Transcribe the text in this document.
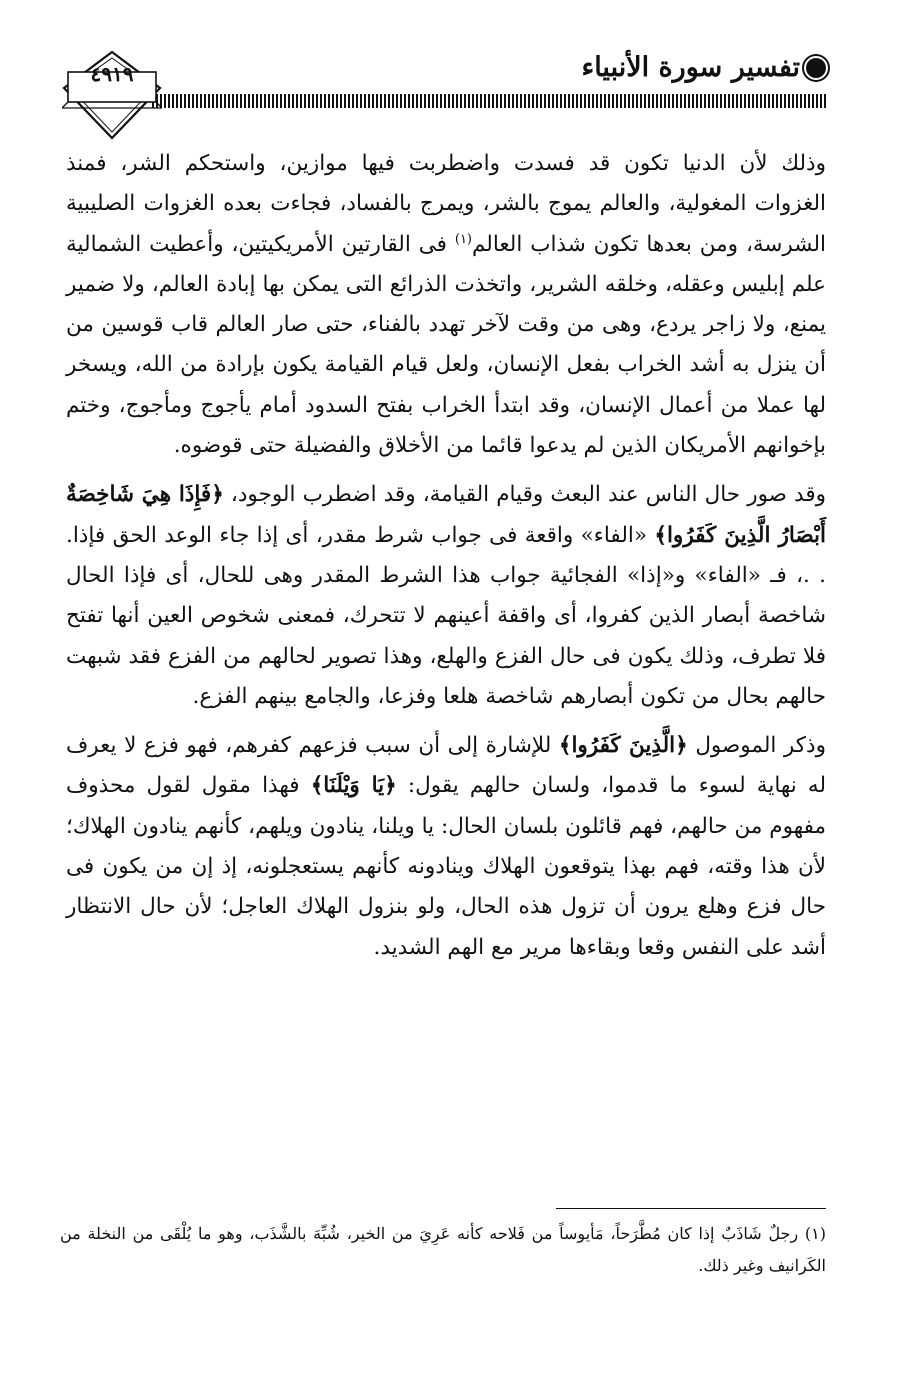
تفسير سورة الأنبياء
٤٩١٩

وذلك لأن الدنيا تكون قد فسدت واضطربت فيها موازين، واستحكم الشر، فمنذ الغزوات المغولية، والعالم يموج بالشر، ويمرج بالفساد، فجاءت بعده الغزوات الصليبية الشرسة، ومن بعدها تكون شذاب العالم$^{(١)}$ فى القارتين الأمريكيتين، وأعطيت الشمالية علم إبليس وعقله، وخلقه الشرير، واتخذت الذرائع التى يمكن بها إبادة العالم، ولا ضمير يمنع، ولا زاجر يردع، وهى من وقت لآخر تهدد بالفناء، حتى صار العالم قاب قوسين من أن ينزل به أشد الخراب بفعل الإنسان، ولعل قيام القيامة يكون بإرادة من الله، ويسخر لها عملا من أعمال الإنسان، وقد ابتدأ الخراب بفتح السدود أمام يأجوج ومأجوج، وختم بإخوانهم الأمريكان الذين لم يدعوا قائما من الأخلاق والفضيلة حتى قوضوه.

وقد صور حال الناس عند البعث وقيام القيامة، وقد اضطرب الوجود، ﴿فَإِذَا هِيَ شَاخِصَةٌ أَبْصَارُ الَّذِينَ كَفَرُوا﴾ «الفاء» واقعة فى جواب شرط مقدر، أى إذا جاء الوعد الحق فإذا. . .، فـ «الفاء» و«إذا» الفجائية جواب هذا الشرط المقدر وهى للحال، أى فإذا الحال شاخصة أبصار الذين كفروا، أى واقفة أعينهم لا تتحرك، فمعنى شخوص العين أنها تفتح فلا تطرف، وذلك يكون فى حال الفزع والهلع، وهذا تصوير لحالهم من الفزع فقد شبهت حالهم بحال من تكون أبصارهم شاخصة هلعا وفزعا، والجامع بينهم الفزع.

وذكر الموصول ﴿الَّذِينَ كَفَرُوا﴾ للإشارة إلى أن سبب فزعهم كفرهم، فهو فزع لا يعرف له نهاية لسوء ما قدموا، ولسان حالهم يقول: ﴿يَا وَيْلَنَا﴾ فهذا مقول لقول محذوف مفهوم من حالهم، فهم قائلون بلسان الحال: يا ويلنا، ينادون ويلهم، كأنهم ينادون الهلاك؛ لأن هذا وقته، فهم بهذا يتوقعون الهلاك وينادونه كأنهم يستعجلونه، إذ إن من يكون فى حال فزع وهلع يرون أن تزول هذه الحال، ولو بنزول الهلاك العاجل؛ لأن حال الانتظار أشد على النفس وقعا وبقاءها مرير مع الهم الشديد.

(١) رجلٌ شَاذَبٌ إذا كان مُطَّرَحاً، مَأيوساً من فَلاحه كأنه عَرِيَ من الخير، شُبِّهَ بالشَّذَب، وهو ما يُلْقَى من النخلة من الكَرانيف وغير ذلك.
